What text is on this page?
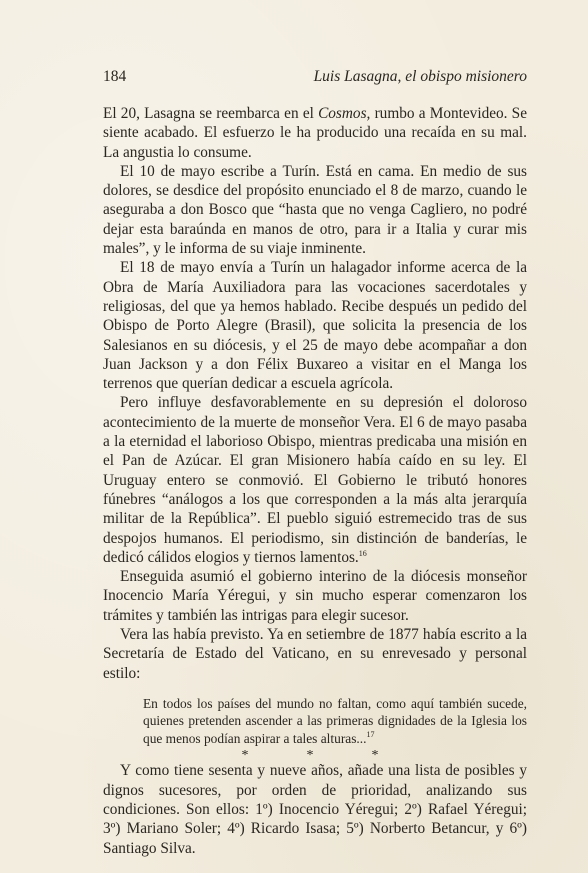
184	Luis Lasagna, el obispo misionero

El 20, Lasagna se reembarca en el Cosmos, rumbo a Montevideo. Se siente acabado. El esfuerzo le ha producido una recaída en su mal. La angustia lo consume.

El 10 de mayo escribe a Turín. Está en cama. En medio de sus dolores, se desdice del propósito enunciado el 8 de marzo, cuando le aseguraba a don Bosco que “hasta que no venga Cagliero, no podré dejar esta baraúnda en manos de otro, para ir a Italia y curar mis males”, y le informa de su viaje inminente.

El 18 de mayo envía a Turín un halagador informe acerca de la Obra de María Auxiliadora para las vocaciones sacerdotales y religiosas, del que ya hemos hablado. Recibe después un pedido del Obispo de Porto Alegre (Brasil), que solicita la presencia de los Salesianos en su diócesis, y el 25 de mayo debe acompañar a don Juan Jackson y a don Félix Buxareo a visitar en el Manga los terrenos que querían dedicar a escuela agrícola.

Pero influye desfavorablemente en su depresión el doloroso acontecimiento de la muerte de monseñor Vera. El 6 de mayo pasaba a la eternidad el laborioso Obispo, mientras predicaba una misión en el Pan de Azúcar. El gran Misionero había caído en su ley. El Uruguay entero se conmovió. El Gobierno le tributó honores fúnebres “análogos a los que corresponden a la más alta jerarquía militar de la República”. El pueblo siguió estremecido tras de sus despojos humanos. El periodismo, sin distinción de banderías, le dedicó cálidos elogios y tiernos lamentos.$^{16}$

Enseguida asumió el gobierno interino de la diócesis monseñor Inocencio María Yéregui, y sin mucho esperar comenzaron los trámites y también las intrigas para elegir sucesor.

Vera las había previsto. Ya en setiembre de 1877 había escrito a la Secretaría de Estado del Vaticano, en su enrevesado y personal estilo:

En todos los países del mundo no faltan, como aquí también sucede, quienes pretenden ascender a las primeras dignidades de la Iglesia los que menos podían aspirar a tales alturas...$^{17}$

Y como tiene sesenta y nueve años, añade una lista de posibles y dignos sucesores, por orden de prioridad, analizando sus condiciones. Son ellos: 1º) Inocencio Yéregui; 2º) Rafael Yéregui; 3º) Mariano Soler; 4º) Ricardo Isasa; 5º) Norberto Betancur, y 6º) Santiago Silva.

*	*	*
